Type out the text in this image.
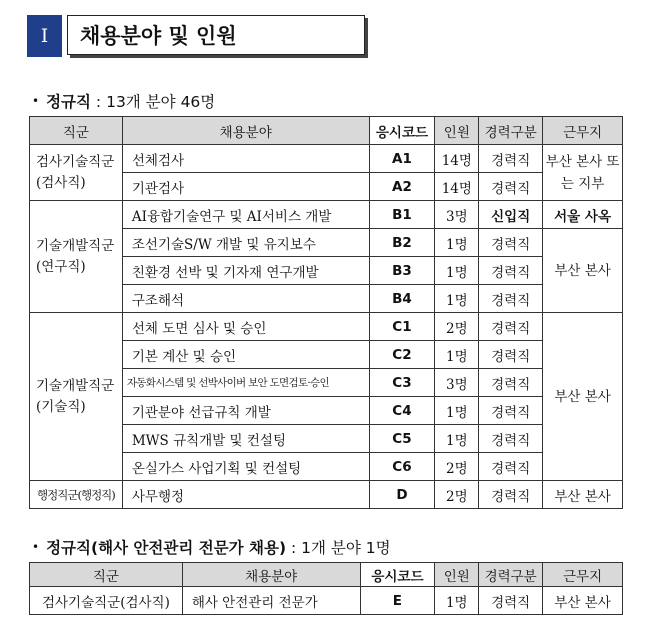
I	채용분야 및 인원
• 정규직 : 13개 분야 46명
직군	채용분야	응시코드	인원	경력구분	근무지
검사기술직군 (검사직)	선체검사	A1	14명	경력직	부산 본사 또는 지부
	기관검사	A2	14명	경력직	
기술개발직군 (연구직)	AI융합기술연구 및 AI서비스 개발	B1	3명	신입직	서울 사옥
	조선기술S/W 개발 및 유지보수	B2	1명	경력직	부산 본사
	친환경 선박 및 기자재 연구개발	B3	1명	경력직	
	구조해석	B4	1명	경력직	
기술개발직군 (기술직)	선체 도면 심사 및 승인	C1	2명	경력직	부산 본사
	기본 계산 및 승인	C2	1명	경력직	
	자동화시스템 및 선박사이버 보안 도면검토·승인	C3	3명	경력직	
	기관분야 선급규칙 개발	C4	1명	경력직	
	MWS 규칙개발 및 컨설팅	C5	1명	경력직	
	온실가스 사업기획 및 컨설팅	C6	2명	경력직	
행정직군(행정직)	사무행정	D	2명	경력직	부산 본사
• 정규직(해사 안전관리 전문가 채용) : 1개 분야 1명
직군	채용분야	응시코드	인원	경력구분	근무지
검사기술직군(검사직)	해사 안전관리 전문가	E	1명	경력직	부산 본사
